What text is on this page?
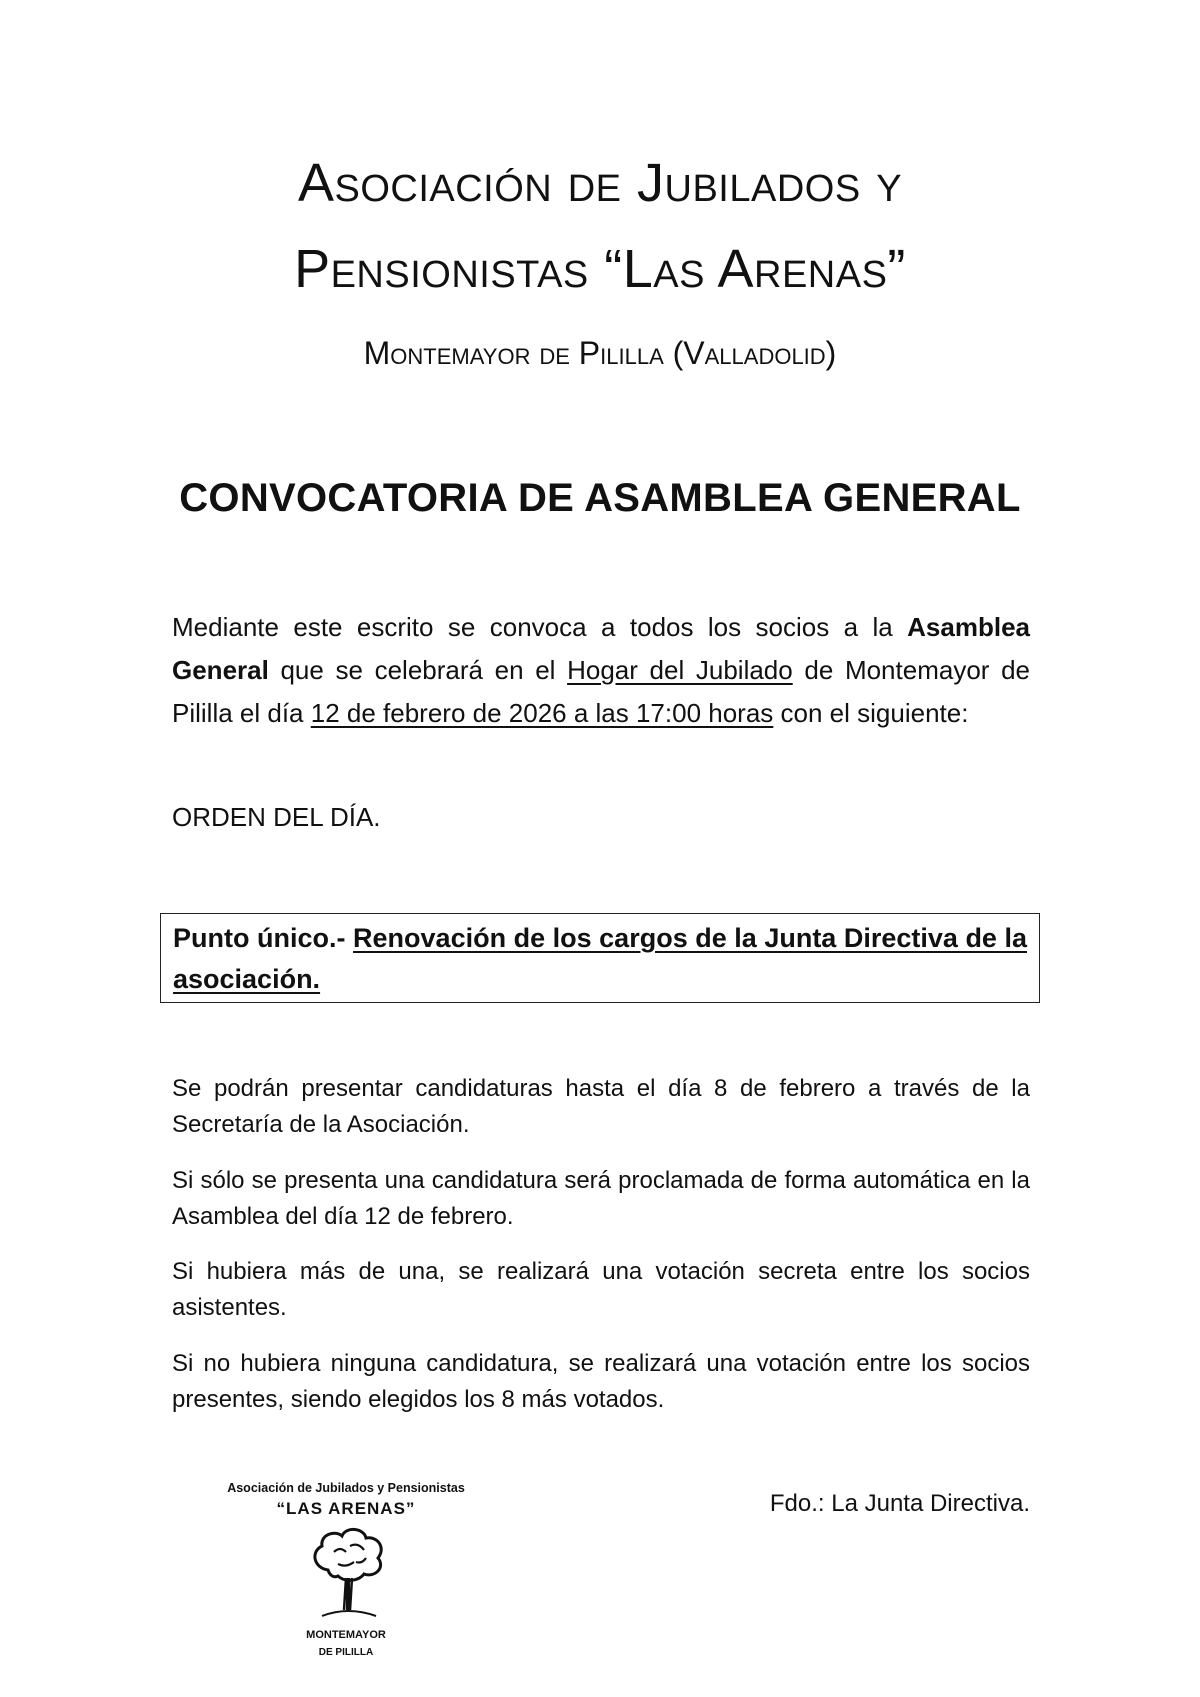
Asociación de Jubilados y
Pensionistas “Las Arenas”
Montemayor de Pililla (Valladolid)
CONVOCATORIA DE ASAMBLEA GENERAL
Mediante este escrito se convoca a todos los socios a la Asamblea General que se celebrará en el Hogar del Jubilado de Montemayor de Pililla el día 12 de febrero de 2026 a las 17:00 horas con el siguiente:
ORDEN DEL DÍA.
Punto único.- Renovación de los cargos de la Junta Directiva de la asociación.
Se podrán presentar candidaturas hasta el día 8 de febrero a través de la Secretaría de la Asociación.
Si sólo se presenta una candidatura será proclamada de forma automática en la Asamblea del día 12 de febrero.
Si hubiera más de una, se realizará una votación secreta entre los socios asistentes.
Si no hubiera ninguna candidatura, se realizará una votación entre los socios presentes, siendo elegidos los 8 más votados.
Fdo.: La Junta Directiva.
Asociación de Jubilados y Pensionistas
“LAS ARENAS”
MONTEMAYOR
DE PILILLA
